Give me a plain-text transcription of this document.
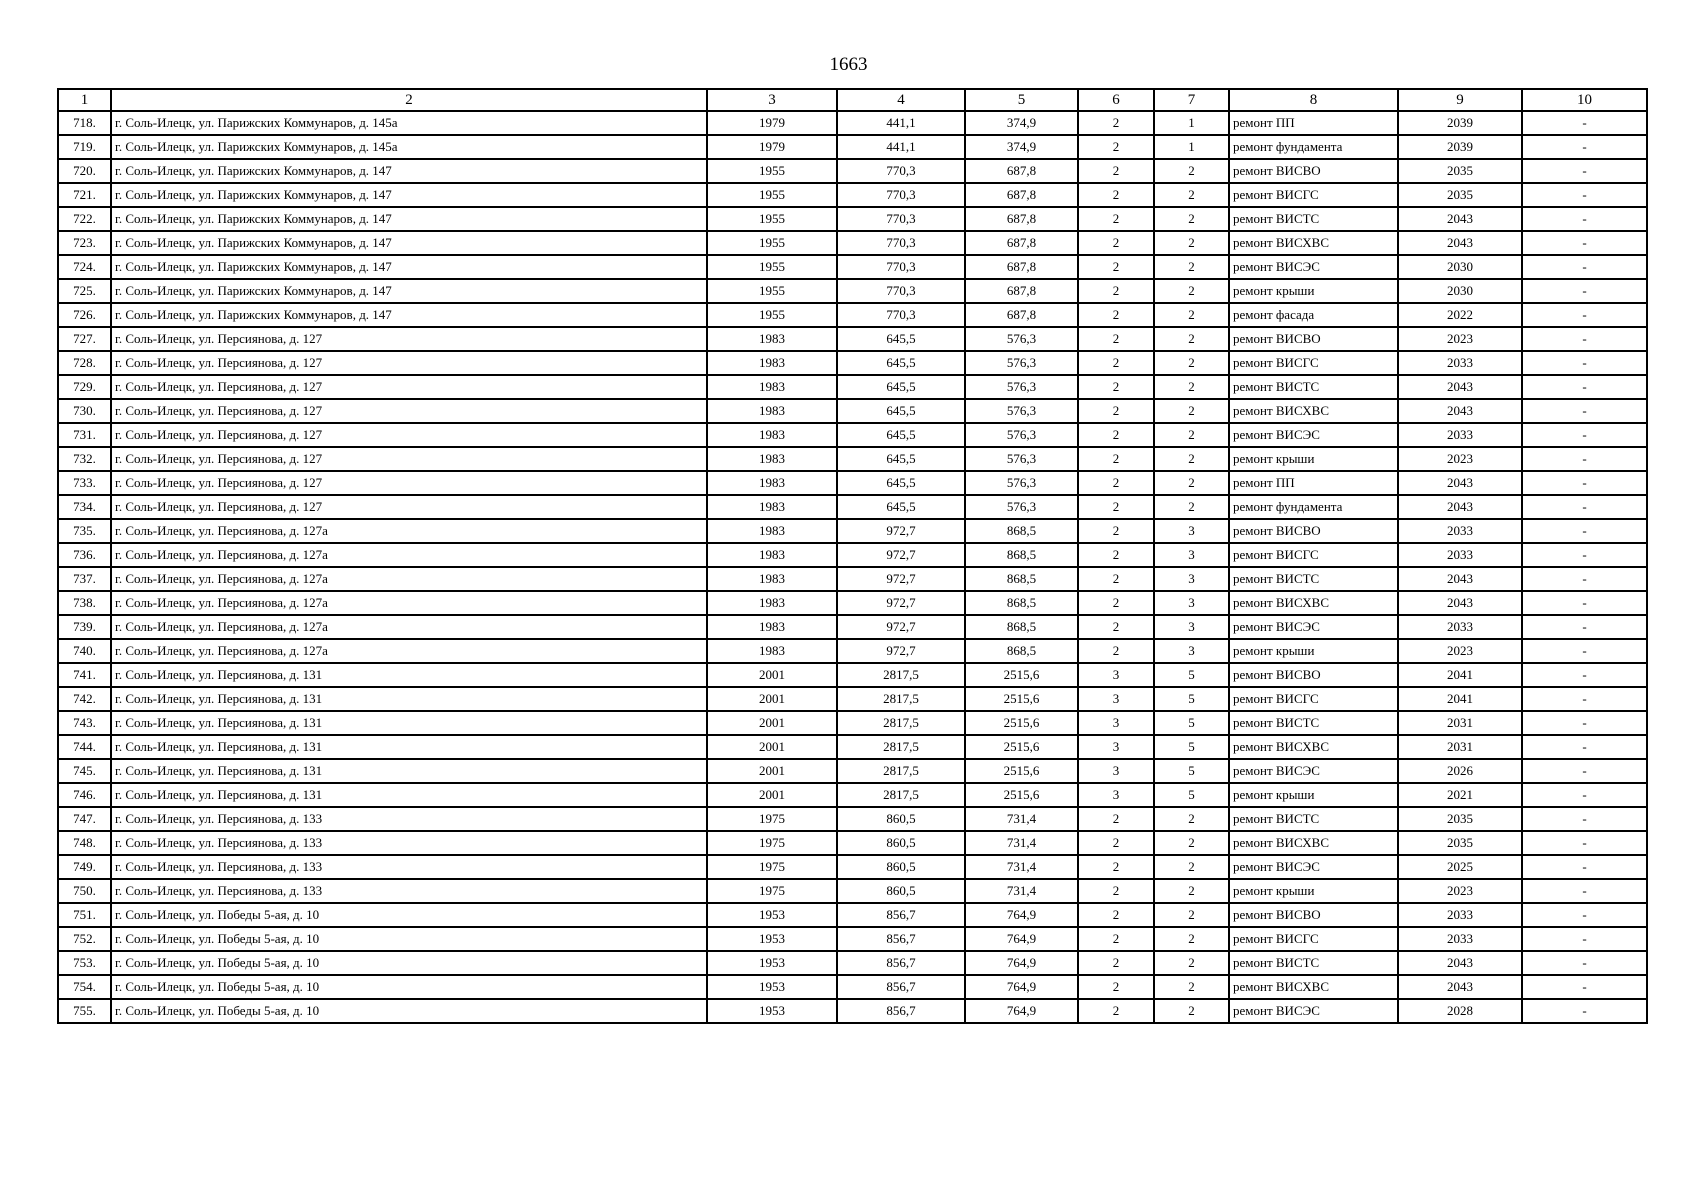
1663
1	2	3	4	5	6	7	8	9	10
718.	г. Соль-Илецк, ул. Парижских Коммунаров, д. 145а	1979	441,1	374,9	2	1	ремонт ПП	2039	-
719.	г. Соль-Илецк, ул. Парижских Коммунаров, д. 145а	1979	441,1	374,9	2	1	ремонт фундамента	2039	-
720.	г. Соль-Илецк, ул. Парижских Коммунаров, д. 147	1955	770,3	687,8	2	2	ремонт ВИСВО	2035	-
721.	г. Соль-Илецк, ул. Парижских Коммунаров, д. 147	1955	770,3	687,8	2	2	ремонт ВИСГС	2035	-
722.	г. Соль-Илецк, ул. Парижских Коммунаров, д. 147	1955	770,3	687,8	2	2	ремонт ВИСТС	2043	-
723.	г. Соль-Илецк, ул. Парижских Коммунаров, д. 147	1955	770,3	687,8	2	2	ремонт ВИСХВС	2043	-
724.	г. Соль-Илецк, ул. Парижских Коммунаров, д. 147	1955	770,3	687,8	2	2	ремонт ВИСЭС	2030	-
725.	г. Соль-Илецк, ул. Парижских Коммунаров, д. 147	1955	770,3	687,8	2	2	ремонт крыши	2030	-
726.	г. Соль-Илецк, ул. Парижских Коммунаров, д. 147	1955	770,3	687,8	2	2	ремонт фасада	2022	-
727.	г. Соль-Илецк, ул. Персиянова, д. 127	1983	645,5	576,3	2	2	ремонт ВИСВО	2023	-
728.	г. Соль-Илецк, ул. Персиянова, д. 127	1983	645,5	576,3	2	2	ремонт ВИСГС	2033	-
729.	г. Соль-Илецк, ул. Персиянова, д. 127	1983	645,5	576,3	2	2	ремонт ВИСТС	2043	-
730.	г. Соль-Илецк, ул. Персиянова, д. 127	1983	645,5	576,3	2	2	ремонт ВИСХВС	2043	-
731.	г. Соль-Илецк, ул. Персиянова, д. 127	1983	645,5	576,3	2	2	ремонт ВИСЭС	2033	-
732.	г. Соль-Илецк, ул. Персиянова, д. 127	1983	645,5	576,3	2	2	ремонт крыши	2023	-
733.	г. Соль-Илецк, ул. Персиянова, д. 127	1983	645,5	576,3	2	2	ремонт ПП	2043	-
734.	г. Соль-Илецк, ул. Персиянова, д. 127	1983	645,5	576,3	2	2	ремонт фундамента	2043	-
735.	г. Соль-Илецк, ул. Персиянова, д. 127а	1983	972,7	868,5	2	3	ремонт ВИСВО	2033	-
736.	г. Соль-Илецк, ул. Персиянова, д. 127а	1983	972,7	868,5	2	3	ремонт ВИСГС	2033	-
737.	г. Соль-Илецк, ул. Персиянова, д. 127а	1983	972,7	868,5	2	3	ремонт ВИСТС	2043	-
738.	г. Соль-Илецк, ул. Персиянова, д. 127а	1983	972,7	868,5	2	3	ремонт ВИСХВС	2043	-
739.	г. Соль-Илецк, ул. Персиянова, д. 127а	1983	972,7	868,5	2	3	ремонт ВИСЭС	2033	-
740.	г. Соль-Илецк, ул. Персиянова, д. 127а	1983	972,7	868,5	2	3	ремонт крыши	2023	-
741.	г. Соль-Илецк, ул. Персиянова, д. 131	2001	2817,5	2515,6	3	5	ремонт ВИСВО	2041	-
742.	г. Соль-Илецк, ул. Персиянова, д. 131	2001	2817,5	2515,6	3	5	ремонт ВИСГС	2041	-
743.	г. Соль-Илецк, ул. Персиянова, д. 131	2001	2817,5	2515,6	3	5	ремонт ВИСТС	2031	-
744.	г. Соль-Илецк, ул. Персиянова, д. 131	2001	2817,5	2515,6	3	5	ремонт ВИСХВС	2031	-
745.	г. Соль-Илецк, ул. Персиянова, д. 131	2001	2817,5	2515,6	3	5	ремонт ВИСЭС	2026	-
746.	г. Соль-Илецк, ул. Персиянова, д. 131	2001	2817,5	2515,6	3	5	ремонт крыши	2021	-
747.	г. Соль-Илецк, ул. Персиянова, д. 133	1975	860,5	731,4	2	2	ремонт ВИСТС	2035	-
748.	г. Соль-Илецк, ул. Персиянова, д. 133	1975	860,5	731,4	2	2	ремонт ВИСХВС	2035	-
749.	г. Соль-Илецк, ул. Персиянова, д. 133	1975	860,5	731,4	2	2	ремонт ВИСЭС	2025	-
750.	г. Соль-Илецк, ул. Персиянова, д. 133	1975	860,5	731,4	2	2	ремонт крыши	2023	-
751.	г. Соль-Илецк, ул. Победы 5-ая, д. 10	1953	856,7	764,9	2	2	ремонт ВИСВО	2033	-
752.	г. Соль-Илецк, ул. Победы 5-ая, д. 10	1953	856,7	764,9	2	2	ремонт ВИСГС	2033	-
753.	г. Соль-Илецк, ул. Победы 5-ая, д. 10	1953	856,7	764,9	2	2	ремонт ВИСТС	2043	-
754.	г. Соль-Илецк, ул. Победы 5-ая, д. 10	1953	856,7	764,9	2	2	ремонт ВИСХВС	2043	-
755.	г. Соль-Илецк, ул. Победы 5-ая, д. 10	1953	856,7	764,9	2	2	ремонт ВИСЭС	2028	-
